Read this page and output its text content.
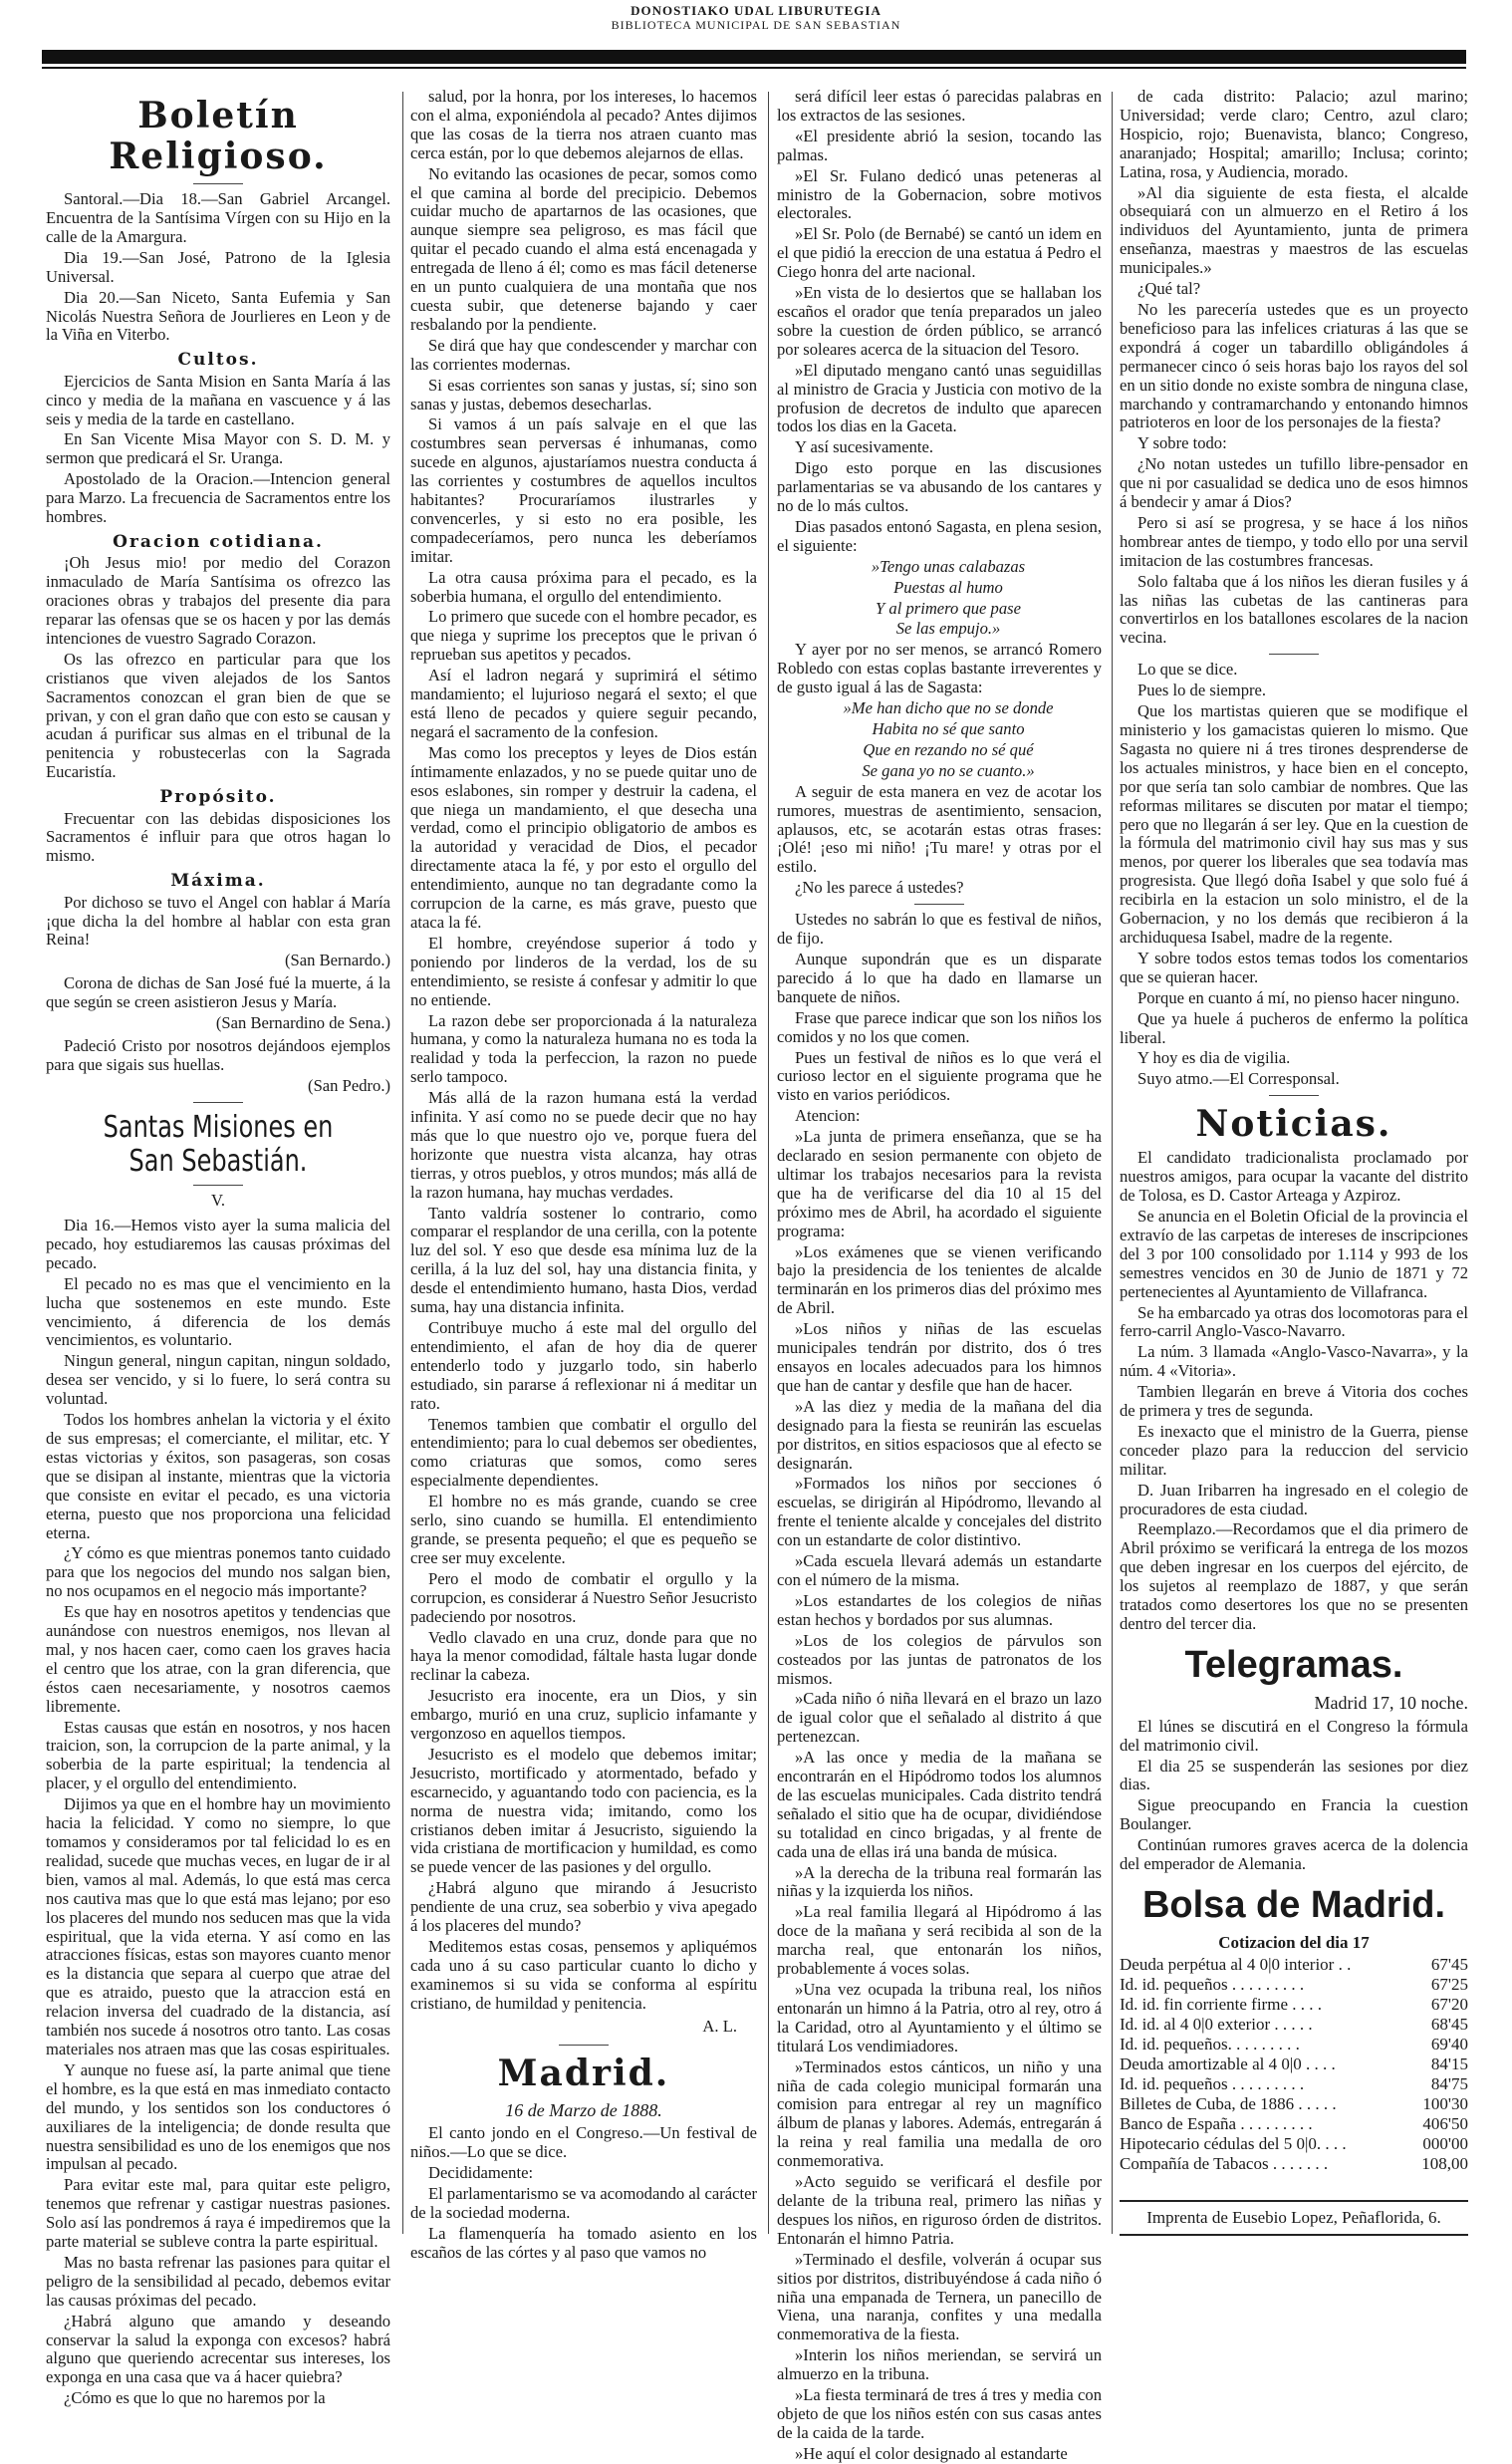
DONOSTIAKO UDAL LIBURUTEGIA
BIBLIOTECA MUNICIPAL DE SAN SEBASTIAN
Boletín Religioso.

Santoral.—Dia 18.—San Gabriel Arcangel. Encuentra de la Santísima Vírgen con su Hijo en la calle de la Amargura.

Dia 19.—San José, Patrono de la Iglesia Universal.

Dia 20.—San Niceto, Santa Eufemia y San Nicolás Nuestra Señora de Jourlieres en Leon y de la Viña en Viterbo.

Cultos.

Ejercicios de Santa Mision en Santa María á las cinco y media de la mañana en vascuence y á las seis y media de la tarde en castellano.

En San Vicente Misa Mayor con S. D. M. y sermon que predicará el Sr. Uranga.

Apostolado de la Oracion.—Intencion general para Marzo. La frecuencia de Sacramentos entre los hombres.

Oracion cotidiana.

¡Oh Jesus mio! por medio del Corazon inmaculado de María Santísima os ofrezco las oraciones obras y trabajos del presente dia para reparar las ofensas que se os hacen y por las demás intenciones de vuestro Sagrado Corazon.

Os las ofrezco en particular para que los cristianos que viven alejados de los Santos Sacramentos conozcan el gran bien de que se privan, y con el gran daño que con esto se causan y acudan á purificar sus almas en el tribunal de la penitencia y robustecerlas con la Sagrada Eucaristía.

Propósito.

Frecuentar con las debidas disposiciones los Sacramentos é influir para que otros hagan lo mismo.

Máxima.

Por dichoso se tuvo el Angel con hablar á María ¡que dicha la del hombre al hablar con esta gran Reina!

(San Bernardo.)

Corona de dichas de San José fué la muerte, á la que según se creen asistieron Jesus y María.

(San Bernardino de Sena.)

Padeció Cristo por nosotros dejándoos ejemplos para que sigais sus huellas.

(San Pedro.)
Santas Misiones en San Sebastián.
V.

Dia 16.—Hemos visto ayer la suma malicia del pecado, hoy estudiaremos las causas próximas del pecado.

El pecado no es mas que el vencimiento en la lucha que sostenemos en este mundo. Este vencimiento, á diferencia de los demás vencimientos, es voluntario.

Ningun general, ningun capitan, ningun soldado, desea ser vencido, y si lo fuere, lo será contra su voluntad.

Todos los hombres anhelan la victoria y el éxito de sus empresas; el comerciante, el militar, etc. Y estas victorias y éxitos, son pasageras, son cosas que se disipan al instante, mientras que la victoria que consiste en evitar el pecado, es una victoria eterna, puesto que nos proporciona una felicidad eterna.

¿Y cómo es que mientras ponemos tanto cuidado para que los negocios del mundo nos salgan bien, no nos ocupamos en el negocio más importante?

Es que hay en nosotros apetitos y tendencias que aunándose con nuestros enemigos, nos llevan al mal, y nos hacen caer, como caen los graves hacia el centro que los atrae, con la gran diferencia, que éstos caen necesariamente, y nosotros caemos libremente.

Estas causas que están en nosotros, y nos hacen traicion, son, la corrupcion de la parte animal, y la soberbia de la parte espiritual; la tendencia al placer, y el orgullo del entendimiento.

Dijimos ya que en el hombre hay un movimiento hacia la felicidad. Y como no siempre, lo que tomamos y consideramos por tal felicidad lo es en realidad, sucede que muchas veces, en lugar de ir al bien, vamos al mal. Además, lo que está mas cerca nos cautiva mas que lo que está mas lejano; por eso los placeres del mundo nos seducen mas que la vida espiritual, que la vida eterna. Y así como en las atracciones físicas, estas son mayores cuanto menor es la distancia que separa al cuerpo que atrae del que es atraido, puesto que la atraccion está en relacion inversa del cuadrado de la distancia, así también nos sucede á nosotros otro tanto. Las cosas materiales nos atraen mas que las cosas espirituales.

Y aunque no fuese así, la parte animal que tiene el hombre, es la que está en mas inmediato contacto del mundo, y los sentidos son los conductores ó auxiliares de la inteligencia; de donde resulta que nuestra sensibilidad es uno de los enemigos que nos impulsan al pecado.

Para evitar este mal, para quitar este peligro, tenemos que refrenar y castigar nuestras pasiones. Solo así las pondremos á raya é impediremos que la parte material se sublevе contra la parte espiritual.

Mas no basta refrenar las pasiones para quitar el peligro de la sensibilidad al pecado, debemos evitar las causas próximas del pecado.

¿Habrá alguno que amando y deseando conservar la salud la exponga con excesos? habrá alguno que queriendo acrecentar sus intereses, los exponga en una casa que va á hacer quiebra?

¿Cómo es que lo que no haremos por la

salud, por la honra, por los intereses, lo hacemos con el alma, exponiéndola al pecado? Antes dijimos que las cosas de la tierra nos atraen cuanto mas cerca están, por lo que debemos alejarnos de ellas.

No evitando las ocasiones de pecar, somos como el que camina al borde del precipicio. Debemos cuidar mucho de apartarnos de las ocasiones, que aunque siempre sea peligroso, es mas fácil que quitar el pecado cuando el alma está encenagada y entregada de lleno á él; como es mas fácil detenerse en un punto cualquiera de una montaña que nos cuesta subir, que detenerse bajando y caer resbalando por la pendiente.

Se dirá que hay que condescender y marchar con las corrientes modernas.

Si esas corrientes son sanas y justas, sí; sino son sanas y justas, debemos desecharlas.

Si vamos á un país salvaje en el que las costumbres sean perversas é inhumanas, como sucede en algunos, ajustaríamos nuestra conducta á las corrientes y costumbres de aquellos incultos habitantes? Procuraríamos ilustrarles y convencerles, y si esto no era posible, les compadeceríamos, pero nunca les deberíamos imitar.

La otra causa próxima para el pecado, es la soberbia humana, el orgullo del entendimiento.

Lo primero que sucede con el hombre pecador, es que niega y suprime los preceptos que le privan ó reprueban sus apetitos y pecados.

Así el ladron negará y suprimirá el sétimo mandamiento; el lujurioso negará el sexto; el que está lleno de pecados y quiere seguir pecando, negará el sacramento de la confesion.

Mas como los preceptos y leyes de Dios están íntimamente enlazados, y no se puede quitar uno de esos eslabones, sin romper y destruir la cadena, el que niega un mandamiento, el que desecha una verdad, como el principio obligatorio de ambos es la autoridad y veracidad de Dios, el pecador directamente ataca la fé, y por esto el orgullo del entendimiento, aunque no tan degradante como la corrupcion de la carne, es más grave, puesto que ataca la fé.

El hombre, creyéndose superior á todo y poniendo por linderos de la verdad, los de su entendimiento, se resiste á confesar y admitir lo que no entiende.

La razon debe ser proporcionada á la naturaleza humana, y como la naturaleza humana no es toda la realidad y toda la perfeccion, la razon no puede serlo tampoco.

Más allá de la razon humana está la verdad infinita. Y así como no se puede decir que no hay más que lo que nuestro ojo ve, porque fuera del horizonte que nuestra vista alcanza, hay otras tierras, y otros pueblos, y otros mundos; más allá de la razon humana, hay muchas verdades.

Tanto valdría sostener lo contrario, como comparar el resplandor de una cerilla, con la potente luz del sol. Y eso que desde esa mínima luz de la cerilla, á la luz del sol, hay una distancia finita, y desde el entendimiento humano, hasta Dios, verdad suma, hay una distancia infinita.

Contribuye mucho á este mal del orgullo del entendimiento, el afan de hoy dia de querer entenderlo todo y juzgarlo todo, sin haberlo estudiado, sin pararse á reflexionar ni á meditar un rato.

Tenemos tambien que combatir el orgullo del entendimiento; para lo cual debemos ser obedientes, como criaturas que somos, como seres especialmente dependientes.

El hombre no es más grande, cuando se cree serlo, sino cuando se humilla. El entendimiento grande, se presenta pequeño; el que es pequeño se cree ser muy excelente.

Pero el modo de combatir el orgullo y la corrupcion, es considerar á Nuestro Señor Jesucristo padeciendo por nosotros.

Vedlo clavado en una cruz, donde para que no haya la menor comodidad, fáltale hasta lugar donde reclinar la cabeza.

Jesucristo era inocente, era un Dios, y sin embargo, murió en una cruz, suplicio infamante y vergonzoso en aquellos tiempos.

Jesucristo es el modelo que debemos imitar; Jesucristo, mortificado y atormentado, befado y escarnecido, y aguantando todo con paciencia, es la norma de nuestra vida; imitando, como los cristianos deben imitar á Jesucristo, siguiendo la vida cristiana de mortificacion y humildad, es como se puede vencer de las pasiones y del orgullo.

¿Habrá alguno que mirando á Jesucristo pendiente de una cruz, sea soberbio y viva apegado á los placeres del mundo?

Meditemos estas cosas, pensemos y apliquémos cada uno á su caso particular cuanto lo dicho y examinemos si su vida se conforma al espíritu cristiano, de humildad y penitencia.

A. L.
Madrid.
16 de Marzo de 1888.

El canto jondo en el Congreso.—Un festival de niños.—Lo que se dice.

Decididamente:

El parlamentarismo se va acomodando al carácter de la sociedad moderna.

La flamenquería ha tomado asiento en los escaños de las córtes y al paso que vamos no

será difícil leer estas ó parecidas palabras en los extractos de las sesiones.

«El presidente abrió la sesion, tocando las palmas.

»El Sr. Fulano dedicó unas peteneras al ministro de la Gobernacion, sobre motivos electorales.

»El Sr. Polo (de Bernabé) se cantó un idem en el que pidió la ereccion de una estatua á Pedro el Ciego honra del arte nacional.

»En vista de lo desiertos que se hallaban los escaños el orador que tenía preparados un jaleo sobre la cuestion de órden público, se arrancó por soleares acerca de la situacion del Tesoro.

»El diputado mengano cantó unas seguidillas al ministro de Gracia y Justicia con motivo de la profusion de decretos de indulto que aparecen todos los dias en la Gaceta.

Y así sucesivamente.

Digo esto porque en las discusiones parlamentarias se va abusando de los cantares y no de lo más cultos.

Dias pasados entonó Sagasta, en plena sesion, el siguiente:

»Tengo unas calabazas

Puestas al humo

Y al primero que pase

Se las empujo.»

Y ayer por no ser menos, se arrancó Romero Robledo con estas coplas bastante irreverentes y de gusto igual á las de Sagasta:

»Me han dicho que no se donde

Habita no sé que santo

Que en rezando no sé qué

Se gana yo no se cuanto.»

A seguir de esta manera en vez de acotar los rumores, muestras de asentimiento, sensacion, aplausos, etc, se acotarán estas otras frases: ¡Olé! ¡eso mi niño! ¡Tu mare! y otras por el estilo.

¿No les parece á ustedes?

Ustedes no sabrán lo que es festival de niños, de fijo.

Aunque supondrán que es un disparate parecido á lo que ha dado en llamarse un banquete de niños.

Frase que parece indicar que son los niños los comidos y no los que comen.

Pues un festival de niños es lo que verá el curioso lector en el siguiente programa que he visto en varios periódicos.

Atencion:

»La junta de primera enseñanza, que se ha declarado en sesion permanente con objeto de ultimar los trabajos necesarios para la revista que ha de verificarse del dia 10 al 15 del próximo mes de Abril, ha acordado el siguiente programa:

»Los exámenes que se vienen verificando bajo la presidencia de los tenientes de alcalde terminarán en los primeros dias del próximo mes de Abril.

»Los niños y niñas de las escuelas municipales tendrán por distrito, dos ó tres ensayos en locales adecuados para los himnos que han de cantar y desfile que han de hacer.

»A las diez y media de la mañana del dia designado para la fiesta se reunirán las escuelas por distritos, en sitios espaciosos que al efecto se designarán.

»Formados los niños por secciones ó escuelas, se dirigirán al Hipódromo, llevando al frente el teniente alcalde y concejales del distrito con un estandarte de color distintivo.

»Cada escuela llevará además un estandarte con el número de la misma.

»Los estandartes de los colegios de niñas estan hechos y bordados por sus alumnas.

»Los de los colegios de párvulos son costeados por las juntas de patronatos de los mismos.

»Cada niño ó niña llevará en el brazo un lazo de igual color que el señalado al distrito á que pertenezcan.

»A las once y media de la mañana se encontrarán en el Hipódromo todos los alumnos de las escuelas municipales. Cada distrito tendrá señalado el sitio que ha de ocupar, dividiéndose su totalidad en cinco brigadas, y al frente de cada una de ellas irá una banda de música.

»A la derecha de la tribuna real formarán las niñas y la izquierda los niños.

»La real familia llegará al Hipódromo á las doce de la mañana y será recibida al son de la marcha real, que entonarán los niños, probablemente á voces solas.

»Una vez ocupada la tribuna real, los niños entonarán un himno á la Patria, otro al rey, otro á la Caridad, otro al Ayuntamiento y el último se titulará Los vendimiadores.

»Terminados estos cánticos, un niño y una niña de cada colegio municipal formarán una comision para entregar al rey un magnífico álbum de planas y labores. Además, entregarán á la reina y real familia una medalla de oro conmemorativa.

»Acto seguido se verificará el desfile por delante de la tribuna real, primero las niñas y despues los niños, en riguroso órden de distritos. Entonarán el himno Patria.

»Terminado el desfile, volverán á ocupar sus sitios por distritos, distribuyéndose á cada niño ó niña una empanada de Ternera, un panecillo de Viena, una naranja, confites y una medalla conmemorativa de la fiesta.

»Interin los niños meriendan, se servirá un almuerzo en la tribuna.

»La fiesta terminará de tres á tres y media con objeto de que los niños estén con sus casas antes de la caida de la tarde.

»He aquí el color designado al estandarte

de cada distrito: Palacio; azul marino; Universidad; verde claro; Centro, azul claro; Hospicio, rojo; Buenavista, blanco; Congreso, anaranjado; Hospital; amarillo; Inclusa; corinto; Latina, rosa, y Audiencia, morado.

»Al dia siguiente de esta fiesta, el alcalde obsequiará con un almuerzo en el Retiro á los individuos del Ayuntamiento, junta de primera enseñanza, maestras y maestros de las escuelas municipales.»

¿Qué tal?

No les parecería ustedes que es un proyecto beneficioso para las infelices criaturas á las que se expondrá á coger un tabardillo obligándoles á permanecer cinco ó seis horas bajo los rayos del sol en un sitio donde no existe sombra de ninguna clase, marchando y contramarchando y entonando himnos patrioteros en loor de los personajes de la fiesta?

Y sobre todo:

¿No notan ustedes un tufillo libre-pensador en que ni por casualidad se dedica uno de esos himnos á bendecir y amar á Dios?

Pero si así se progresa, y se hace á los niños hombrear antes de tiempo, y todo ello por una servil imitacion de las costumbres francesas.

Solo faltaba que á los niños les dieran fusiles y á las niñas las cubetas de las cantineras para convertirlos en los batallones escolares de la nacion vecina.

Lo que se dice.

Pues lo de siempre.

Que los martistas quieren que se modifique el ministerio y los gamacistas quieren lo mismo. Que Sagasta no quiere ni á tres tirones desprenderse de los actuales ministros, y hace bien en el concepto, por que sería tan solo cambiar de nombres. Que las reformas militares se discuten por matar el tiempo; pero que no llegarán á ser ley. Que en la cuestion de la fórmula del matrimonio civil hay sus mas y sus menos, por querer los liberales que sea todavía mas progresista. Que llegó doña Isabel y que solo fué á recibirla en la estacion un solo ministro, el de la Gobernacion, y no los demás que recibieron á la archiduquesa Isabel, madre de la regente.

Y sobre todos estos temas todos los comentarios que se quieran hacer.

Porque en cuanto á mí, no pienso hacer ninguno.

Que ya huele á pucheros de enfermo la política liberal.

Y hoy es dia de vigilia.

Suyo atmo.—El Corresponsal.

Noticias.

El candidato tradicionalista proclamado por nuestros amigos, para ocupar la vacante del distrito de Tolosa, es D. Castor Arteaga y Azpiroz.

Se anuncia en el Boletin Oficial de la provincia el extravío de las carpetas de intereses de inscripciones del 3 por 100 consolidado por 1.114 y 993 de los semestres vencidos en 30 de Junio de 1871 y 72 pertenecientes al Ayuntamiento de Villafranca.

Se ha embarcado ya otras dos locomotoras para el ferro-carril Anglo-Vasco-Navarro.

La núm. 3 llamada «Anglo-Vasco-Navarra», y la núm. 4 «Vitoria».

Tambien llegarán en breve á Vitoria dos coches de primera y tres de segunda.

Es inexacto que el ministro de la Guerra, piense conceder plazo para la reduccion del servicio militar.

D. Juan Iribarren ha ingresado en el colegio de procuradores de esta ciudad.

Reemplazo.—Recordamos que el dia primero de Abril próximo se verificará la entrega de los mozos que deben ingresar en los cuerpos del ejército, de los sujetos al reemplazo de 1887, y que serán tratados como desertores los que no se presenten dentro del tercer dia.

Telegramas.
Madrid 17, 10 noche.

El lúnes se discutirá en el Congreso la fórmula del matrimonio civil.

El dia 25 se suspenderán las sesiones por diez dias.

Sigue preocupando en Francia la cuestion Boulanger.

Continúan rumores graves acerca de la dolencia del emperador de Alemania.

Bolsa de Madrid.
Cotizacion del dia 17
Deuda perpétua al 4 0|0 interior . .	67'45
Id. id. pequeños . . . . . . . . .	67'25
Id. id. fin corriente firme . . . .	67'20
Id. id. al 4 0|0 exterior . . . . .	68'45
Id. id. pequeños. . . . . . . . .	69'40
Deuda amortizable al 4 0|0 . . . .	84'15
Id. id. pequeños . . . . . . . . .	84'75
Billetes de Cuba, de 1886 . . . . .	100'30
Banco de España . . . . . . . . .	406'50
Hipotecario cédulas del 5 0|0. . . .	000'00
Compañía de Tabacos . . . . . . .	108,00
Imprenta de Eusebio Lopez, Peñaflorida, 6.
